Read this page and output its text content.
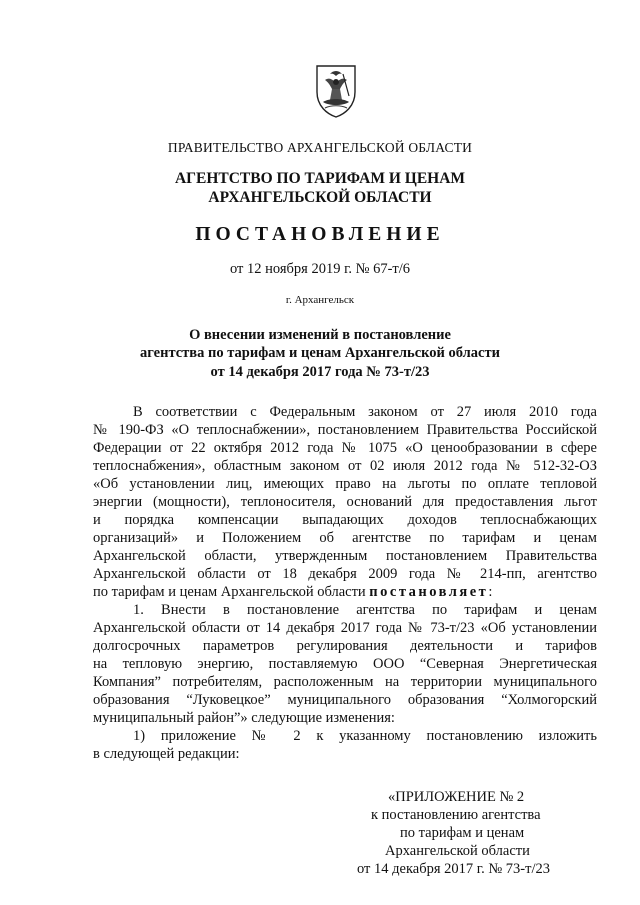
ПРАВИТЕЛЬСТВО АРХАНГЕЛЬСКОЙ ОБЛАСТИ
АГЕНТСТВО ПО ТАРИФАМ И ЦЕНАМ
АРХАНГЕЛЬСКОЙ ОБЛАСТИ
ПОСТАНОВЛЕНИЕ
от 12 ноября 2019 г. № 67-т/6
г. Архангельск
О внесении изменений в постановление
агентства по тарифам и ценам Архангельской области
от 14 декабря 2017 года № 73-т/23
В соответствии с Федеральным законом от 27 июля 2010 года
№ 190-ФЗ «О теплоснабжении», постановлением Правительства Российской
Федерации от 22 октября 2012 года № 1075 «О ценообразовании в сфере
теплоснабжения», областным законом от 02 июля 2012 года № 512-32-ОЗ
«Об установлении лиц, имеющих право на льготы по оплате тепловой
энергии (мощности), теплоносителя, оснований для предоставления льгот
и порядка компенсации выпадающих доходов теплоснабжающих
организаций» и Положением об агентстве по тарифам и ценам
Архангельской области, утвержденным постановлением Правительства
Архангельской области от 18 декабря 2009 года № 214-пп, агентство
по тарифам и ценам Архангельской области постановляет:
1. Внести в постановление агентства по тарифам и ценам
Архангельской области от 14 декабря 2017 года № 73-т/23 «Об установлении
долгосрочных параметров регулирования деятельности и тарифов
на тепловую энергию, поставляемую ООО “Северная Энергетическая
Компания” потребителям, расположенным на территории муниципального
образования “Луковецкое” муниципального образования “Холмогорский
муниципальный район”» следующие изменения:
1) приложение № 2 к указанному постановлению изложить
в следующей редакции:
«ПРИЛОЖЕНИЕ № 2
к постановлению агентства
по тарифам и ценам
Архангельской области
от 14 декабря 2017 г. № 73-т/23
